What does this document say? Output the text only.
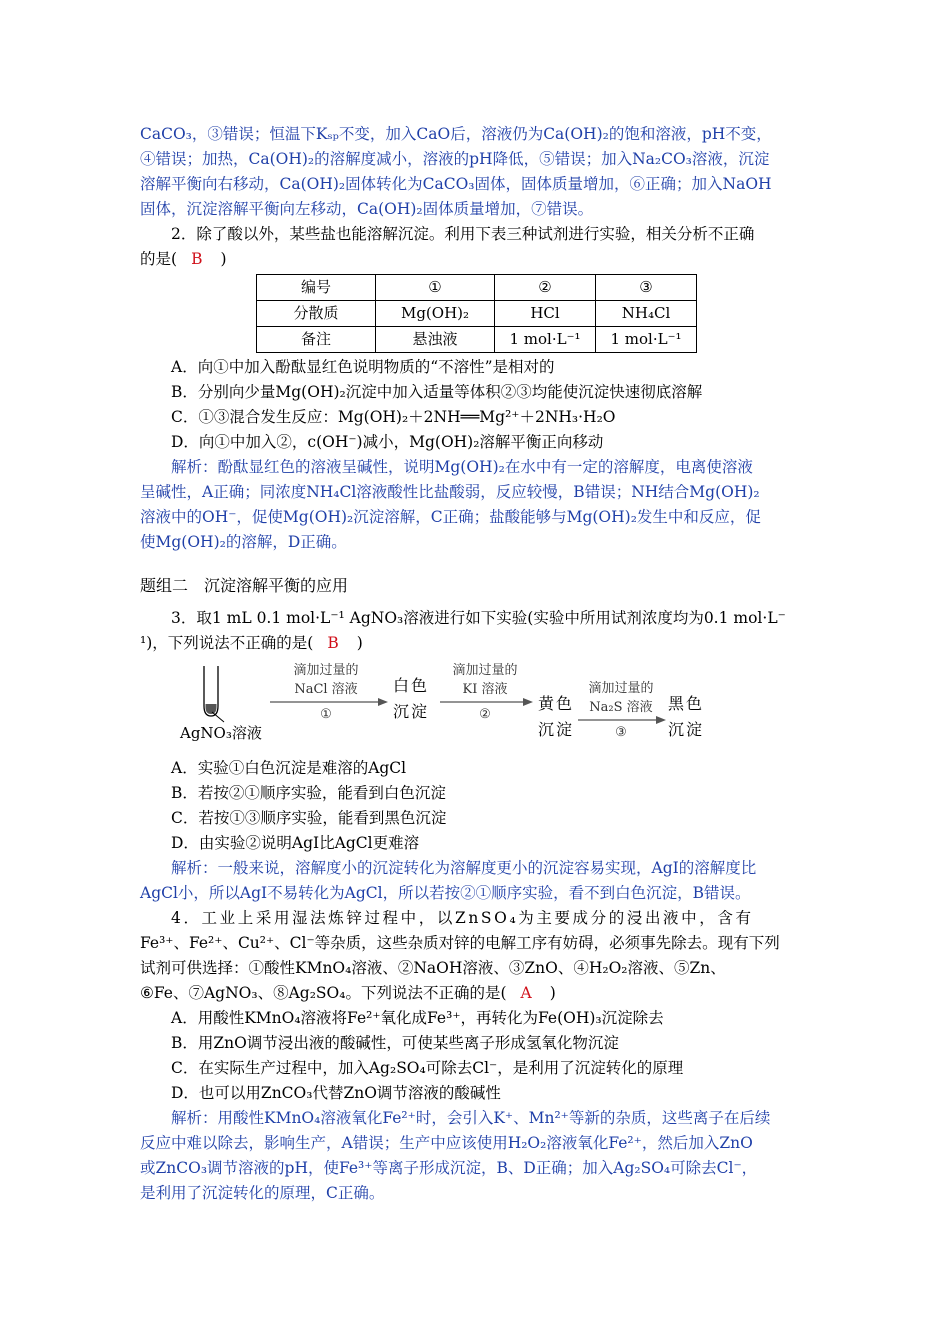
CaCO₃，③错误；恒温下Kₛₚ不变，加入CaO后，溶液仍为Ca(OH)₂的饱和溶液，pH不变，

④错误；加热，Ca(OH)₂的溶解度减小，溶液的pH降低，⑤错误；加入Na₂CO₃溶液，沉淀

溶解平衡向右移动，Ca(OH)₂固体转化为CaCO₃固体，固体质量增加，⑥正确；加入NaOH

固体，沉淀溶解平衡向左移动，Ca(OH)₂固体质量增加，⑦错误。

2．除了酸以外，某些盐也能溶解沉淀。利用下表三种试剂进行实验，相关分析不正确

的是( B )

编号	①	②	③
分散质	Mg(OH)₂	HCl	NH₄Cl
备注	悬浊液	1 mol·L⁻¹	1 mol·L⁻¹

A．向①中加入酚酞显红色说明物质的“不溶性”是相对的

B．分别向少量Mg(OH)₂沉淀中加入适量等体积②③均能使沉淀快速彻底溶解

C．①③混合发生反应：Mg(OH)₂＋2NH══Mg²⁺＋2NH₃·H₂O

D．向①中加入②，c(OH⁻)减小，Mg(OH)₂溶解平衡正向移动

解析：酚酞显红色的溶液呈碱性，说明Mg(OH)₂在水中有一定的溶解度，电离使溶液

呈碱性，A正确；同浓度NH₄Cl溶液酸性比盐酸弱，反应较慢，B错误；NH结合Mg(OH)₂

溶液中的OH⁻，促使Mg(OH)₂沉淀溶解，C正确；盐酸能够与Mg(OH)₂发生中和反应，促

使Mg(OH)₂的溶解，D正确。

题组二　沉淀溶解平衡的应用

3．取1 mL 0.1 mol·L⁻¹ AgNO₃溶液进行如下实验(实验中所用试剂浓度均为0.1 mol·L⁻

¹)，下列说法不正确的是( B )

AgNO₃溶液
滴加过量的
NaCl 溶液
①
白色
沉淀
滴加过量的
KI 溶液
②
黄色
沉淀
滴加过量的
Na₂S 溶液
③
黑色
沉淀

A．实验①白色沉淀是难溶的AgCl

B．若按②①顺序实验，能看到白色沉淀

C．若按①③顺序实验，能看到黑色沉淀

D．由实验②说明AgI比AgCl更难溶

解析：一般来说，溶解度小的沉淀转化为溶解度更小的沉淀容易实现，AgI的溶解度比

AgCl小，所以AgI不易转化为AgCl，所以若按②①顺序实验，看不到白色沉淀，B错误。

4．工业上采用湿法炼锌过程中，以ZnSO₄为主要成分的浸出液中，含有

Fe³⁺、Fe²⁺、Cu²⁺、Cl⁻等杂质，这些杂质对锌的电解工序有妨碍，必须事先除去。现有下列

试剂可供选择：①酸性KMnO₄溶液、②NaOH溶液、③ZnO、④H₂O₂溶液、⑤Zn、

⑥Fe、⑦AgNO₃、⑧Ag₂SO₄。下列说法不正确的是( A )

A．用酸性KMnO₄溶液将Fe²⁺氧化成Fe³⁺，再转化为Fe(OH)₃沉淀除去

B．用ZnO调节浸出液的酸碱性，可使某些离子形成氢氧化物沉淀

C．在实际生产过程中，加入Ag₂SO₄可除去Cl⁻，是利用了沉淀转化的原理

D．也可以用ZnCO₃代替ZnO调节溶液的酸碱性

解析：用酸性KMnO₄溶液氧化Fe²⁺时，会引入K⁺、Mn²⁺等新的杂质，这些离子在后续

反应中难以除去，影响生产，A错误；生产中应该使用H₂O₂溶液氧化Fe²⁺，然后加入ZnO

或ZnCO₃调节溶液的pH，使Fe³⁺等离子形成沉淀，B、D正确；加入Ag₂SO₄可除去Cl⁻，

是利用了沉淀转化的原理，C正确。
